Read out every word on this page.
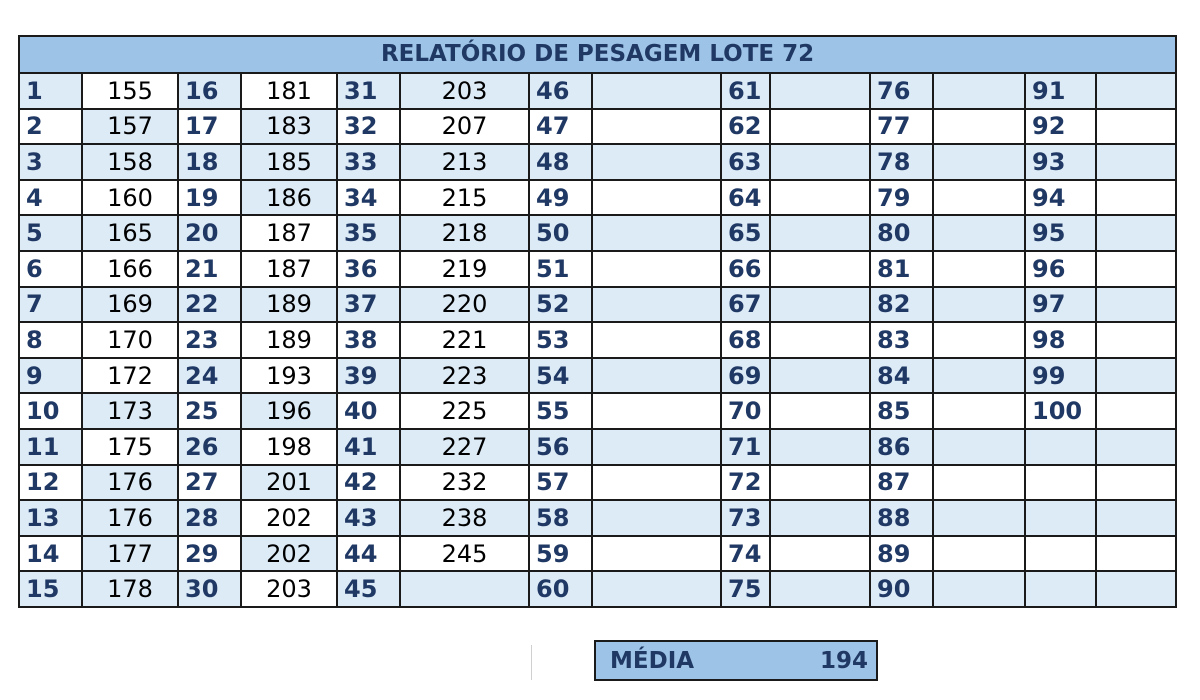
RELATÓRIO DE PESAGEM LOTE 72													
1	155	16	181	31	203	46		61		76		91	
2	157	17	183	32	207	47		62		77		92	
3	158	18	185	33	213	48		63		78		93	
4	160	19	186	34	215	49		64		79		94	
5	165	20	187	35	218	50		65		80		95	
6	166	21	187	36	219	51		66		81		96	
7	169	22	189	37	220	52		67		82		97	
8	170	23	189	38	221	53		68		83		98	
9	172	24	193	39	223	54		69		84		99	
10	173	25	196	40	225	55		70		85		100	
11	175	26	198	41	227	56		71		86			
12	176	27	201	42	232	57		72		87			
13	176	28	202	43	238	58		73		88			
14	177	29	202	44	245	59		74		89			
15	178	30	203	45		60		75		90			
MÉDIA	194
